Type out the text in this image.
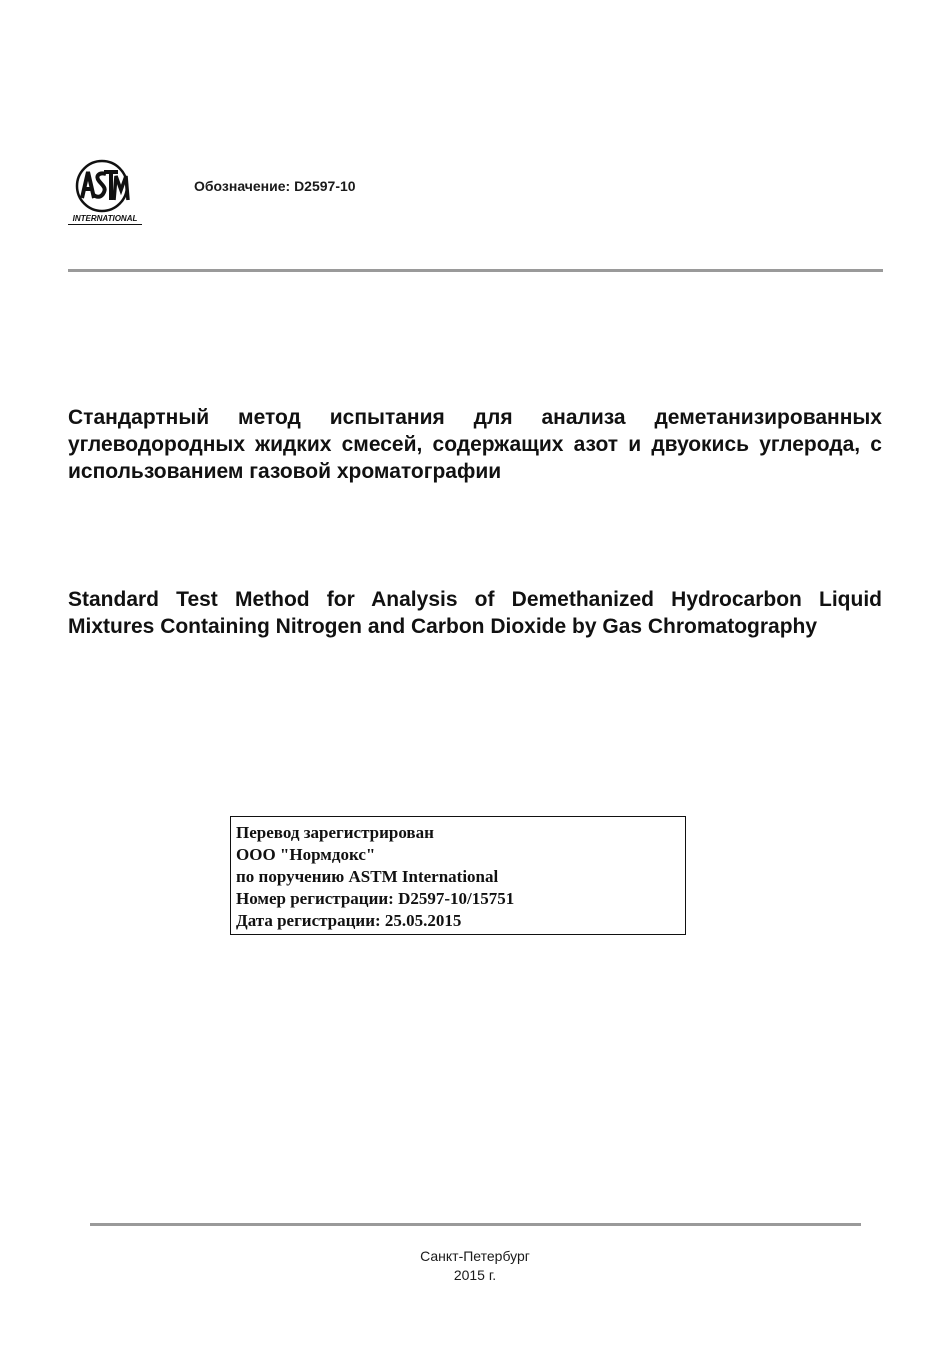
INTERNATIONAL
Обозначение: D2597-10

Стандартный метод испытания для анализа деметанизированных углеводородных жидких смесей, содержащих азот и двуокись углерода, с использованием газовой хроматографии

Standard Test Method for Analysis of Demethanized Hydrocarbon Liquid Mixtures Containing Nitrogen and Carbon Dioxide by Gas Chromatography

Перевод зарегистрирован
ООО "Нормдокс"
по поручению ASTM International
Номер регистрации: D2597-10/15751
Дата регистрации: 25.05.2015
Санкт-Петербург
2015 г.
